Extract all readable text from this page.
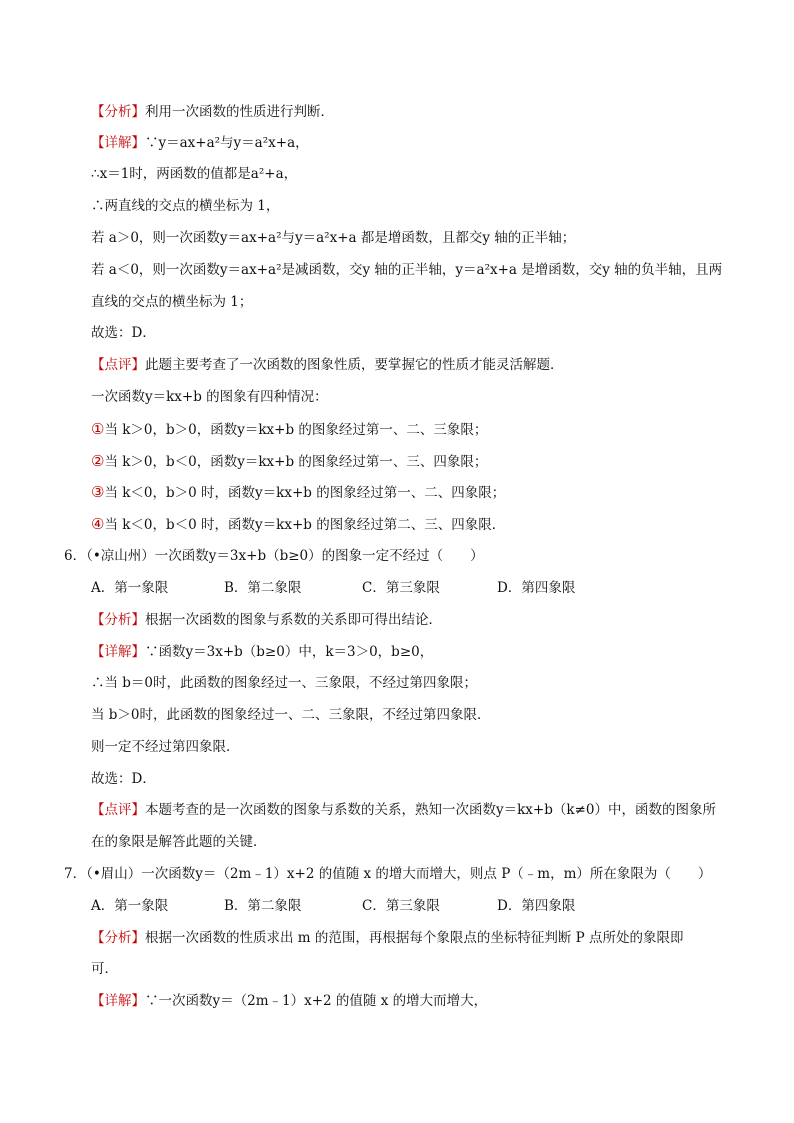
【分析】利用一次函数的性质进行判断．
【详解】∵y＝ax+a²与y＝a²x+a，
∴x＝1时，两函数的值都是a²+a，
∴两直线的交点的横坐标为 1，
若 a＞0，则一次函数y＝ax+a²与y＝a²x+a 都是增函数，且都交y 轴的正半轴；
若 a＜0，则一次函数y＝ax+a²是减函数，交y 轴的正半轴，y＝a²x+a 是增函数，交y 轴的负半轴，且两
直线的交点的横坐标为 1；
故选：D．
【点评】此题主要考查了一次函数的图象性质，要掌握它的性质才能灵活解题．
一次函数y＝kx+b 的图象有四种情况：
①当 k＞0，b＞0，函数y＝kx+b 的图象经过第一、二、三象限；
②当 k＞0，b＜0，函数y＝kx+b 的图象经过第一、三、四象限；
③当 k＜0，b＞0 时，函数y＝kx+b 的图象经过第一、二、四象限；
④当 k＜0，b＜0 时，函数y＝kx+b 的图象经过第二、三、四象限．
6．（•凉山州）一次函数y＝3x+b（b≥0）的图象一定不经过（　　）
A．第一象限	B．第二象限	C．第三象限	D．第四象限
【分析】根据一次函数的图象与系数的关系即可得出结论．
【详解】∵函数y＝3x+b（b≥0）中，k＝3＞0，b≥0，
∴当 b＝0时，此函数的图象经过一、三象限，不经过第四象限；
当 b＞0时，此函数的图象经过一、二、三象限，不经过第四象限．
则一定不经过第四象限．
故选：D．
【点评】本题考查的是一次函数的图象与系数的关系，熟知一次函数y＝kx+b（k≠0）中，函数的图象所
在的象限是解答此题的关键．
7．（•眉山）一次函数y＝（2m﹣1）x+2 的值随 x 的增大而增大，则点 P（﹣m，m）所在象限为（　　）
A．第一象限	B．第二象限	C．第三象限	D．第四象限
【分析】根据一次函数的性质求出 m 的范围，再根据每个象限点的坐标特征判断 P 点所处的象限即
可．
【详解】∵一次函数y＝（2m﹣1）x+2 的值随 x 的增大而增大，
